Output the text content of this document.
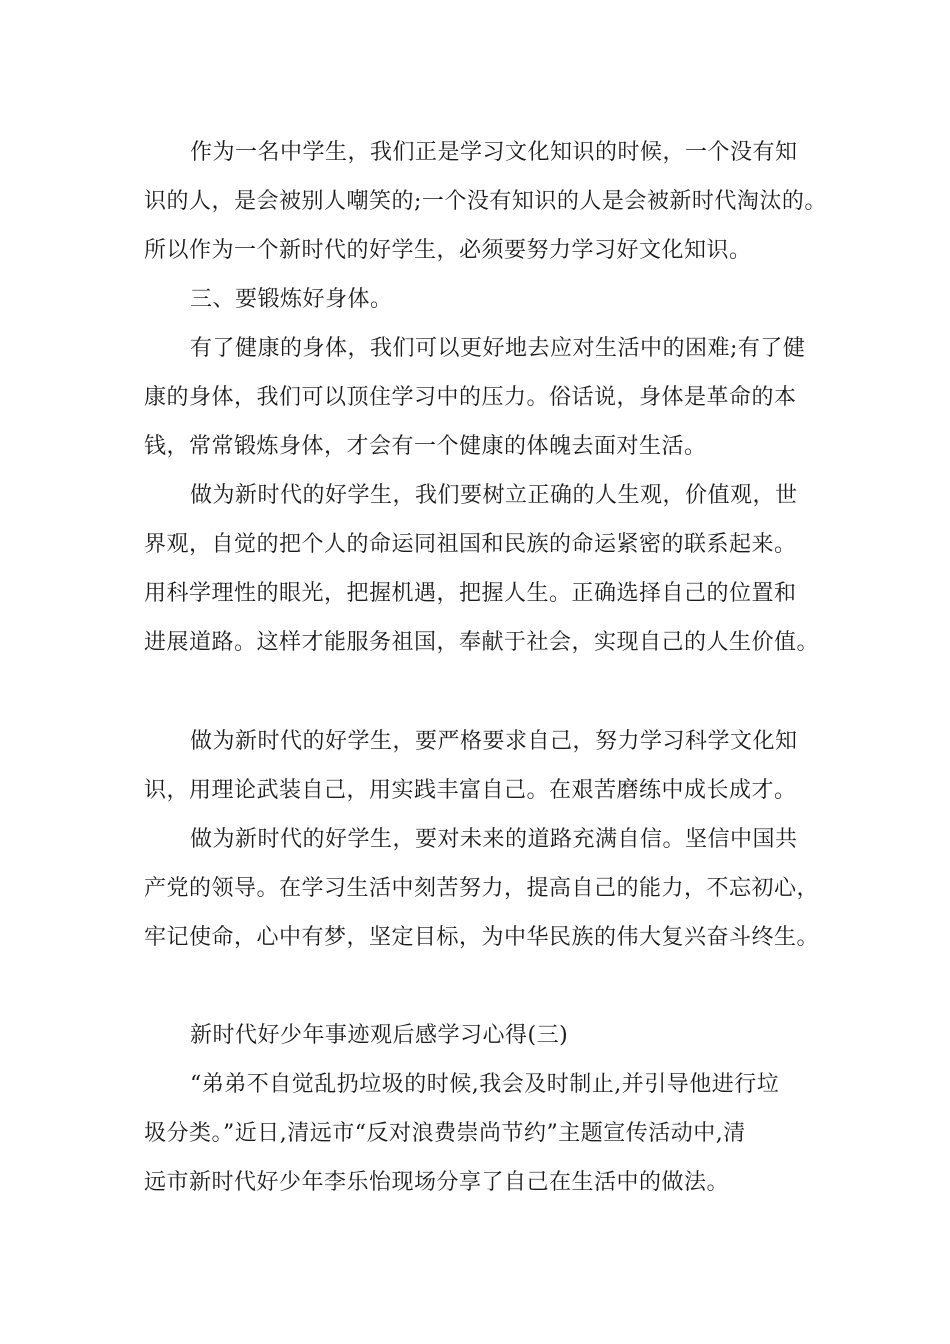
作为一名中学生，我们正是学习文化知识的时候，一个没有知
识的人，是会被别人嘲笑的;一个没有知识的人是会被新时代淘汰的。
所以作为一个新时代的好学生，必须要努力学习好文化知识。
三、要锻炼好身体。
有了健康的身体，我们可以更好地去应对生活中的困难;有了健
康的身体，我们可以顶住学习中的压力。俗话说，身体是革命的本
钱，常常锻炼身体，才会有一个健康的体魄去面对生活。
做为新时代的好学生，我们要树立正确的人生观，价值观，世
界观，自觉的把个人的命运同祖国和民族的命运紧密的联系起来。
用科学理性的眼光，把握机遇，把握人生。正确选择自己的位置和
进展道路。这样才能服务祖国，奉献于社会，实现自己的人生价值。
做为新时代的好学生，要严格要求自己，努力学习科学文化知
识，用理论武装自己，用实践丰富自己。在艰苦磨练中成长成才。
做为新时代的好学生，要对未来的道路充满自信。坚信中国共
产党的领导。在学习生活中刻苦努力，提高自己的能力，不忘初心，
牢记使命，心中有梦，坚定目标，为中华民族的伟大复兴奋斗终生。
新时代好少年事迹观后感学习心得(三)
“弟弟不自觉乱扔垃圾的时候,我会及时制止,并引导他进行垃
圾分类。”近日,清远市“反对浪费崇尚节约”主题宣传活动中,清
远市新时代好少年李乐怡现场分享了自己在生活中的做法。
